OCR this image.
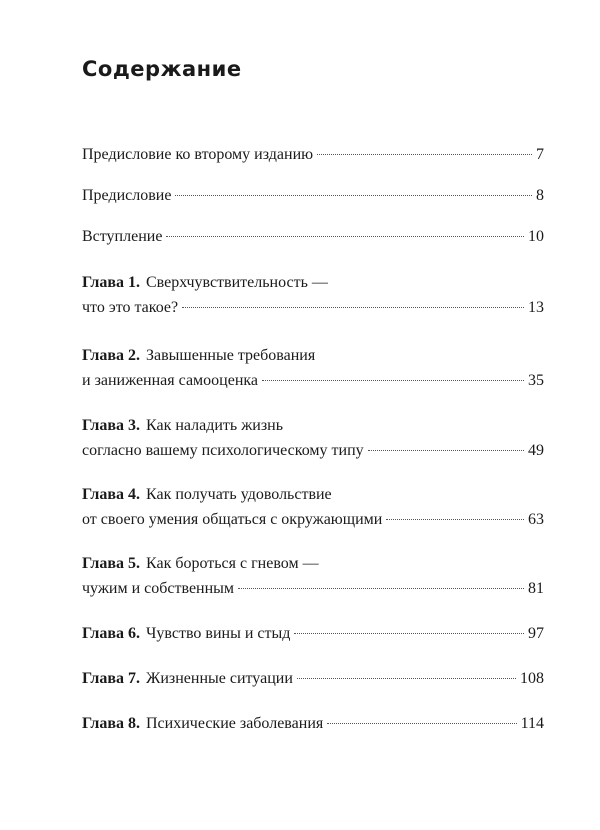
Содержание
Предисловие ко второму изданию	7
Предисловие	8
Вступление	10
Глава 1. Сверхчувствительность —
что это такое?	13
Глава 2. Завышенные требования
и заниженная самооценка	35
Глава 3. Как наладить жизнь
согласно вашему психологическому типу	49
Глава 4. Как получать удовольствие
от своего умения общаться с окружающими	63
Глава 5. Как бороться с гневом —
чужим и собственным	81
Глава 6. Чувство вины и стыд	97
Глава 7. Жизненные ситуации	108
Глава 8. Психические заболевания	114
